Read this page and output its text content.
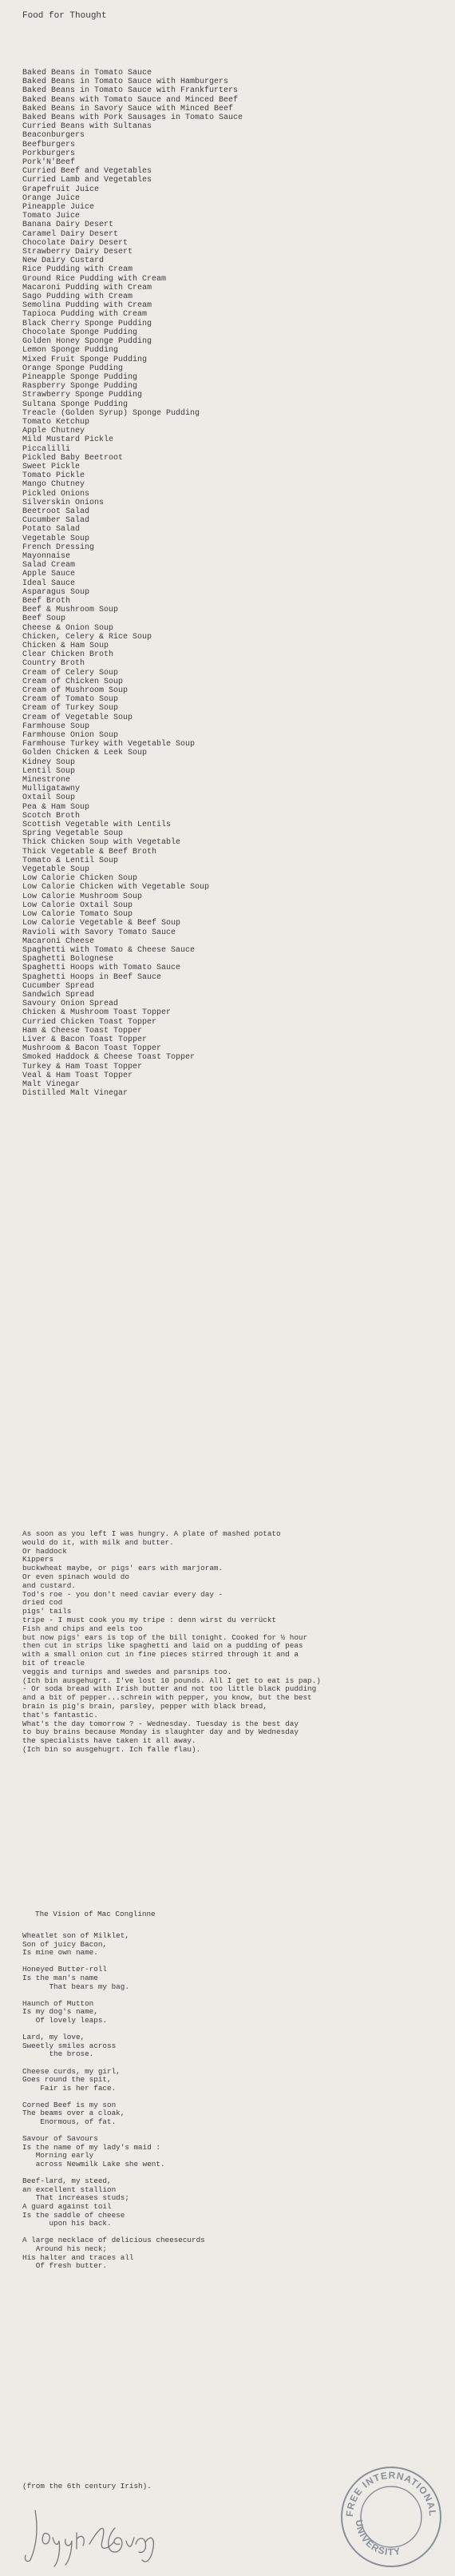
Food for Thought
Baked Beans in Tomato Sauce
Baked Beans in Tomato Sauce with Hamburgers
Baked Beans in Tomato Sauce with Frankfurters
Baked Beans with Tomato Sauce and Minced Beef
Baked Beans in Savory Sauce with Minced Beef
Baked Beans with Pork Sausages in Tomato Sauce
Curried Beans with Sultanas
Beaconburgers
Beefburgers
Porkburgers
Pork'N'Beef
Curried Beef and Vegetables
Curried Lamb and Vegetables
Grapefruit Juice
Orange Juice
Pineapple Juice
Tomato Juice
Banana Dairy Desert
Caramel Dairy Desert
Chocolate Dairy Desert
Strawberry Dairy Desert
New Dairy Custard
Rice Pudding with Cream
Ground Rice Pudding with Cream
Macaroni Pudding with Cream
Sago Pudding with Cream
Semolina Pudding with Cream
Tapioca Pudding with Cream
Black Cherry Sponge Pudding
Chocolate Sponge Pudding
Golden Honey Sponge Pudding
Lemon Sponge Pudding
Mixed Fruit Sponge Pudding
Orange Sponge Pudding
Pineapple Sponge Pudding
Raspberry Sponge Pudding
Strawberry Sponge Pudding
Sultana Sponge Pudding
Treacle (Golden Syrup) Sponge Pudding
Tomato Ketchup
Apple Chutney
Mild Mustard Pickle
Piccalilli
Pickled Baby Beetroot
Sweet Pickle
Tomato Pickle
Mango Chutney
Pickled Onions
Silverskin Onions
Beetroot Salad
Cucumber Salad
Potato Salad
Vegetable Soup
French Dressing
Mayonnaise
Salad Cream
Apple Sauce
Ideal Sauce
Asparagus Soup
Beef Broth
Beef & Mushroom Soup
Beef Soup
Cheese & Onion Soup
Chicken, Celery & Rice Soup
Chicken & Ham Soup
Clear Chicken Broth
Country Broth
Cream of Celery Soup
Cream of Chicken Soup
Cream of Mushroom Soup
Cream of Tomato Soup
Cream of Turkey Soup
Cream of Vegetable Soup
Farmhouse Soup
Farmhouse Onion Soup
Farmhouse Turkey with Vegetable Soup
Golden Chicken & Leek Soup
Kidney Soup
Lentil Soup
Minestrone
Mulligatawny
Oxtail Soup
Pea & Ham Soup
Scotch Broth
Scottish Vegetable with Lentils
Spring Vegetable Soup
Thick Chicken Soup with Vegetable
Thick Vegetable & Beef Broth
Tomato & Lentil Soup
Vegetable Soup
Low Calorie Chicken Soup
Low Calorie Chicken with Vegetable Soup
Low Calorie Mushroom Soup
Low Calorie Oxtail Soup
Low Calorie Tomato Soup
Low Calorie Vegetable & Beef Soup
Ravioli with Savory Tomato Sauce
Macaroni Cheese
Spaghetti with Tomato & Cheese Sauce
Spaghetti Bolognese
Spaghetti Hoops with Tomato Sauce
Spaghetti Hoops in Beef Sauce
Cucumber Spread
Sandwich Spread
Savoury Onion Spread
Chicken & Mushroom Toast Topper
Curried Chicken Toast Topper
Ham & Cheese Toast Topper
Liver & Bacon Toast Topper
Mushroom & Bacon Toast Topper
Smoked Haddock & Cheese Toast Topper
Turkey & Ham Toast Topper
Veal & Ham Toast Topper
Malt Vinegar
Distilled Malt Vinegar
As soon as you left I was hungry. A plate of mashed potato
would do it, with milk and butter.
Or haddock
Kippers
buckwheat maybe, or pigs' ears with marjoram.
Or even spinach would do
and custard.
Tod's roe - you don't need caviar every day -
dried cod
pigs' tails
tripe - I must cook you my tripe : denn wirst du verrückt
Fish and chips and eels too
but now pigs' ears is top of the bill tonight. Cooked for ½ hour
then cut in strips like spaghetti and laid on a pudding of peas
with a small onion cut in fine pieces stirred through it and a
bit of treacle
veggis and turnips and swedes and parsnips too.
(Ich bin ausgehugrt. I've lost 10 pounds. All I get to eat is pap.)
- Or soda bread with Irish butter and not too little black pudding
and a bit of pepper...schrein with pepper, you know, but the best
brain is pig's brain, parsley, pepper with black bread,
that's fantastic.
What's the day tomorrow ? - Wednesday. Tuesday is the best day
to buy brains because Monday is slaughter day and by Wednesday
the specialists have taken it all away.
(Ich bin so ausgehugrt. Ich falle flau).
The Vision of Mac Conglinne
Wheatlet son of Milklet,
Son of juicy Bacon,
Is mine own name.
Honeyed Butter-roll
Is the man's name
That bears my bag.
Haunch of Mutton
Is my dog's name,
Of lovely leaps.
Lard, my love,
Sweetly smiles across
the brose.
Cheese curds, my girl,
Goes round the spit,
Fair is her face.
Corned Beef is my son
The beams over a cloak,
Enormous, of fat.
Savour of Savours
Is the name of my lady's maid :
Morning early
across Newmilk Lake she went.
Beef-lard, my steed,
an excellent stallion
That increases studs;
A guard against toil
Is the saddle of cheese
upon his back.
A large necklace of delicious cheesecurds
Around his neck;
His halter and traces all
Of fresh butter.
(from the 6th century Irish).
FREE INTERNATIONAL
UNIVERSITY
